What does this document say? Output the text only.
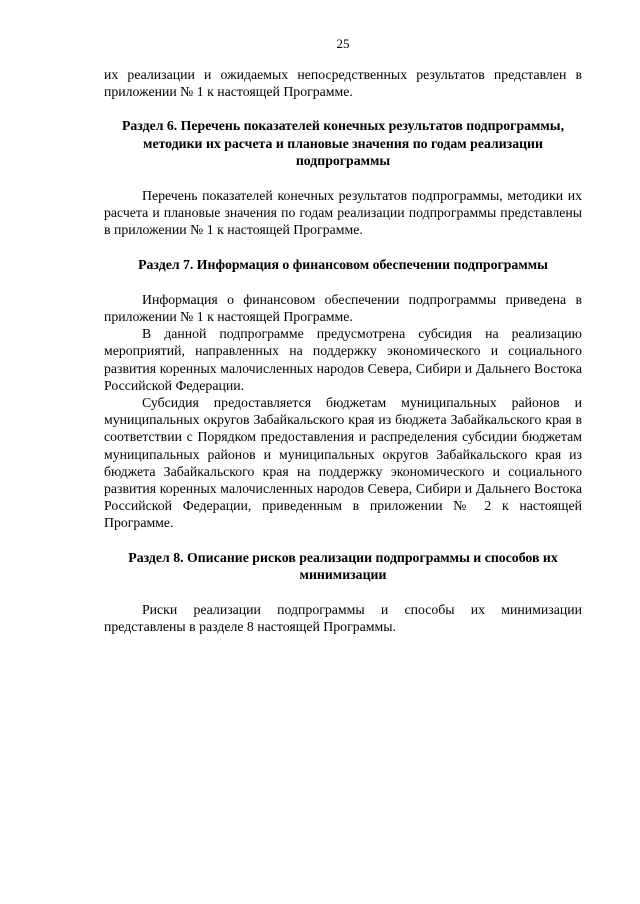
25

их реализации и ожидаемых непосредственных результатов представлен в приложении № 1 к настоящей Программе.

Раздел 6. Перечень показателей конечных результатов подпрограммы, методики их расчета и плановые значения по годам реализации подпрограммы

Перечень показателей конечных результатов подпрограммы, методики их расчета и плановые значения по годам реализации подпрограммы представлены в приложении № 1 к настоящей Программе.

Раздел 7. Информация о финансовом обеспечении подпрограммы

Информация о финансовом обеспечении подпрограммы приведена в приложении № 1 к настоящей Программе.

В данной подпрограмме предусмотрена субсидия на реализацию мероприятий, направленных на поддержку экономического и социального развития коренных малочисленных народов Севера, Сибири и Дальнего Востока Российской Федерации.

Субсидия предоставляется бюджетам муниципальных районов и муниципальных округов Забайкальского края из бюджета Забайкальского края в соответствии с Порядком предоставления и распределения субсидии бюджетам муниципальных районов и муниципальных округов Забайкальского края из бюджета Забайкальского края на поддержку экономического и социального развития коренных малочисленных народов Севера, Сибири и Дальнего Востока Российской Федерации, приведенным в приложении № 2 к настоящей Программе.

Раздел 8. Описание рисков реализации подпрограммы и способов их минимизации

Риски реализации подпрограммы и способы их минимизации представлены в разделе 8 настоящей Программы.
